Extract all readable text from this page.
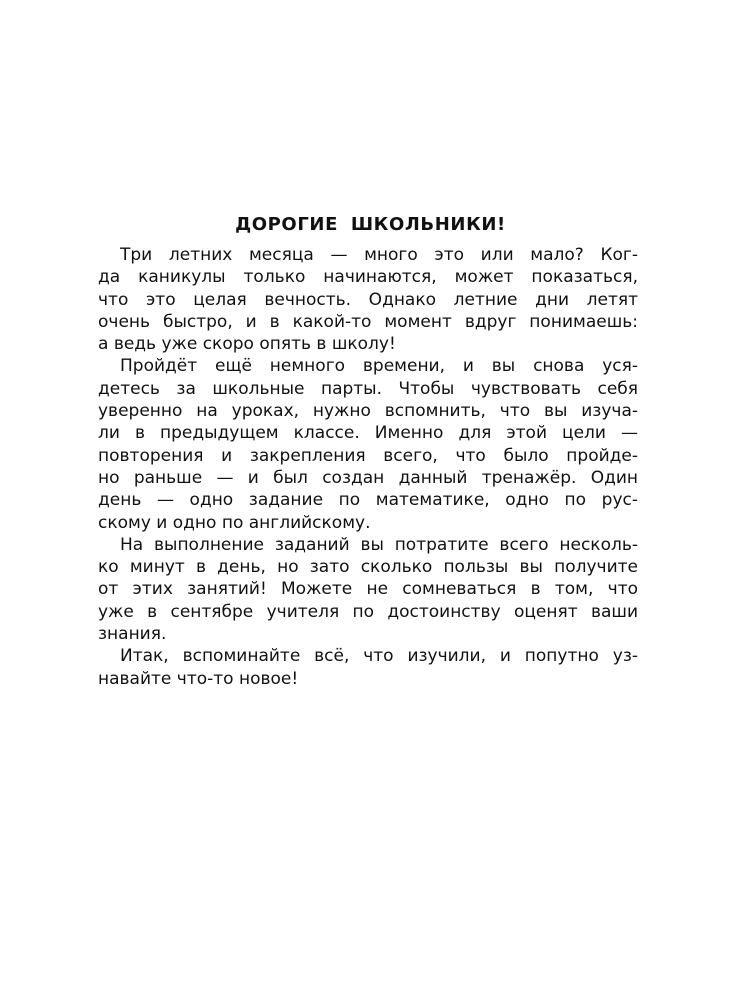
ДОРОГИЕ ШКОЛЬНИКИ!
Три летних месяца — много это или мало? Ког-
да каникулы только начинаются, может показаться,
что это целая вечность. Однако летние дни летят
очень быстро, и в какой-то момент вдруг понимаешь:
а ведь уже скоро опять в школу!
Пройдёт ещё немного времени, и вы снова уся-
детесь за школьные парты. Чтобы чувствовать себя
уверенно на уроках, нужно вспомнить, что вы изуча-
ли в предыдущем классе. Именно для этой цели —
повторения и закрепления всего, что было пройде-
но раньше — и был создан данный тренажёр. Один
день — одно задание по математике, одно по рус-
скому и одно по английскому.
На выполнение заданий вы потратите всего несколь-
ко минут в день, но зато сколько пользы вы получите
от этих занятий! Можете не сомневаться в том, что
уже в сентябре учителя по достоинству оценят ваши
знания.
Итак, вспоминайте всё, что изучили, и попутно уз-
навайте что-то новое!
